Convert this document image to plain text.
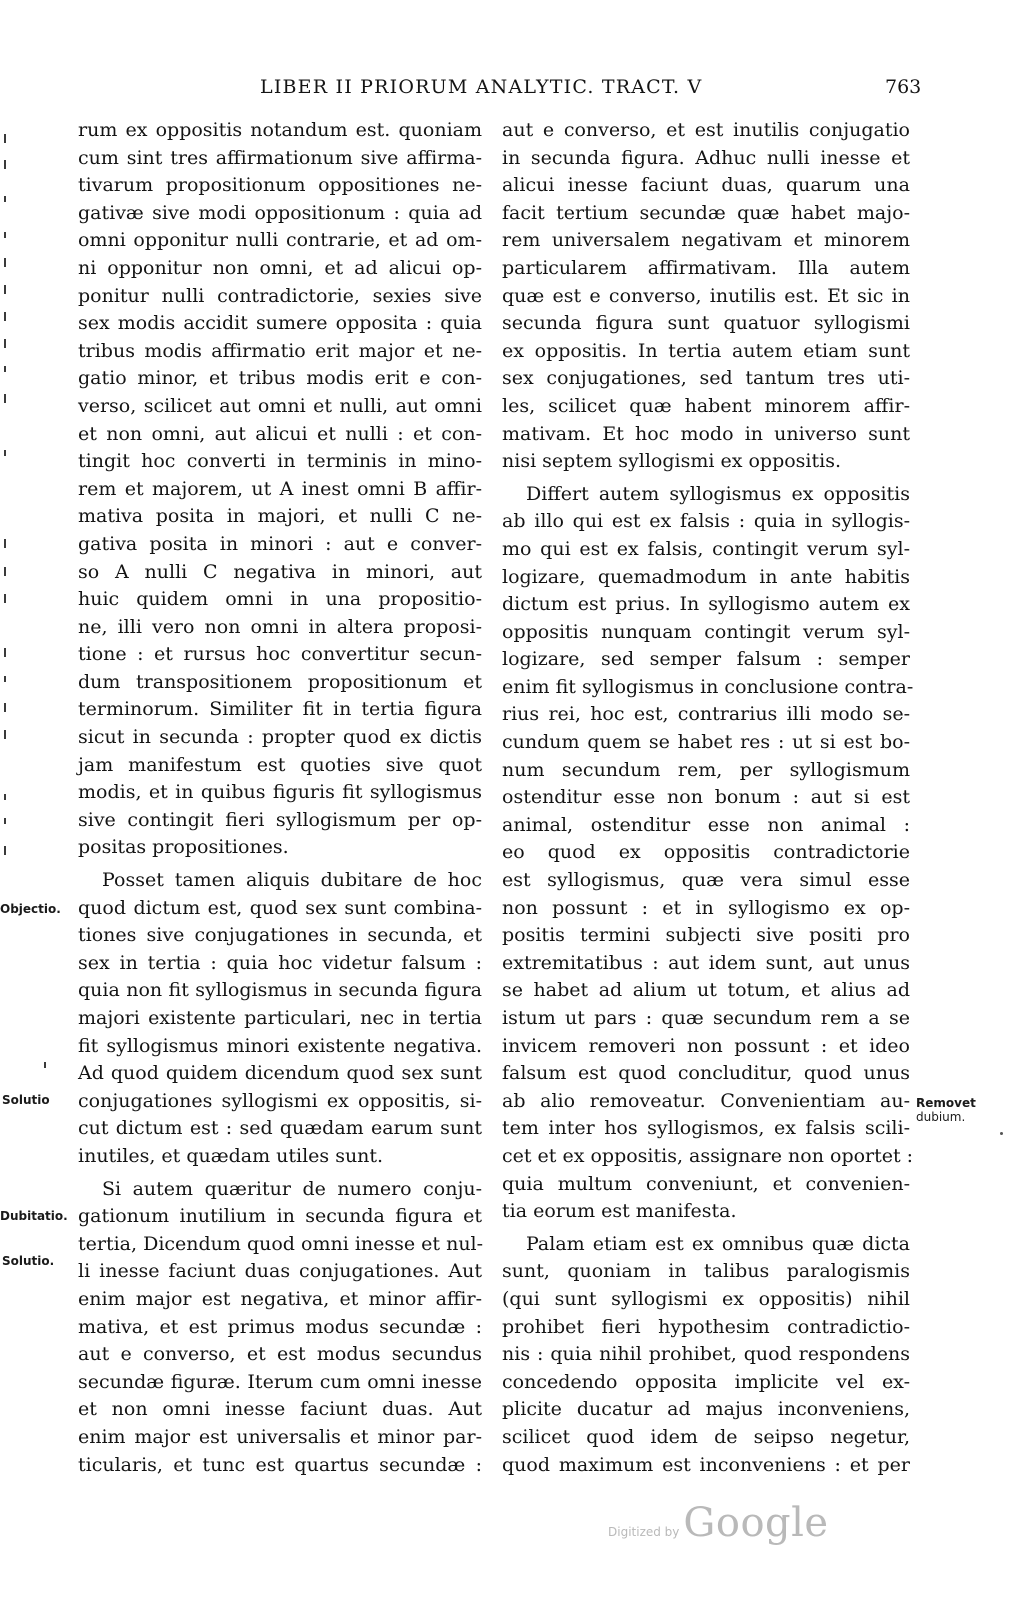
LIBER II PRIORUM ANALYTIC. TRACT. V	763
Objectio.
Solutio
Dubitatio.
Solutio.
Removet
dubium.
rum ex oppositis notandum est. quoniam
cum sint tres affirmationum sive affirma-
tivarum propositionum oppositiones ne-
gativæ sive modi oppositionum : quia ad
omni opponitur nulli contrarie, et ad om-
ni opponitur non omni, et ad alicui op-
ponitur nulli contradictorie, sexies sive
sex modis accidit sumere opposita : quia
tribus modis affirmatio erit major et ne-
gatio minor, et tribus modis erit e con-
verso, scilicet aut omni et nulli, aut omni
et non omni, aut alicui et nulli : et con-
tingit hoc converti in terminis in mino-
rem et majorem, ut A inest omni B affir-
mativa posita in majori, et nulli C ne-
gativa posita in minori : aut e conver-
so A nulli C negativa in minori, aut
huic quidem omni in una propositio-
ne, illi vero non omni in altera proposi-
tione : et rursus hoc convertitur secun-
dum transpositionem propositionum et
terminorum. Similiter fit in tertia figura
sicut in secunda : propter quod ex dictis
jam manifestum est quoties sive quot
modis, et in quibus figuris fit syllogismus
sive contingit fieri syllogismum per op-
positas propositiones.
Posset tamen aliquis dubitare de hoc
quod dictum est, quod sex sunt combina-
tiones sive conjugationes in secunda, et
sex in tertia : quia hoc videtur falsum :
quia non fit syllogismus in secunda figura
majori existente particulari, nec in tertia
fit syllogismus minori existente negativa.
Ad quod quidem dicendum quod sex sunt
conjugationes syllogismi ex oppositis, si-
cut dictum est : sed quædam earum sunt
inutiles, et quædam utiles sunt.
Si autem quæritur de numero conju-
gationum inutilium in secunda figura et
tertia, Dicendum quod omni inesse et nul-
li inesse faciunt duas conjugationes. Aut
enim major est negativa, et minor affir-
mativa, et est primus modus secundæ :
aut e converso, et est modus secundus
secundæ figuræ. Iterum cum omni inesse
et non omni inesse faciunt duas. Aut
enim major est universalis et minor par-
ticularis, et tunc est quartus secundæ :
aut e converso, et est inutilis conjugatio
in secunda figura. Adhuc nulli inesse et
alicui inesse faciunt duas, quarum una
facit tertium secundæ quæ habet majo-
rem universalem negativam et minorem
particularem affirmativam. Illa autem
quæ est e converso, inutilis est. Et sic in
secunda figura sunt quatuor syllogismi
ex oppositis. In tertia autem etiam sunt
sex conjugationes, sed tantum tres uti-
les, scilicet quæ habent minorem affir-
mativam. Et hoc modo in universo sunt
nisi septem syllogismi ex oppositis.
Differt autem syllogismus ex oppositis
ab illo qui est ex falsis : quia in syllogis-
mo qui est ex falsis, contingit verum syl-
logizare, quemadmodum in ante habitis
dictum est prius. In syllogismo autem ex
oppositis nunquam contingit verum syl-
logizare, sed semper falsum : semper
enim fit syllogismus in conclusione contra-
rius rei, hoc est, contrarius illi modo se-
cundum quem se habet res : ut si est bo-
num secundum rem, per syllogismum
ostenditur esse non bonum : aut si est
animal, ostenditur esse non animal :
eo quod ex oppositis contradictorie
est syllogismus, quæ vera simul esse
non possunt : et in syllogismo ex op-
positis termini subjecti sive positi pro
extremitatibus : aut idem sunt, aut unus
se habet ad alium ut totum, et alius ad
istum ut pars : quæ secundum rem a se
invicem removeri non possunt : et ideo
falsum est quod concluditur, quod unus
ab alio removeatur. Convenientiam au-
tem inter hos syllogismos, ex falsis scili-
cet et ex oppositis, assignare non oportet :
quia multum conveniunt, et convenien-
tia eorum est manifesta.
Palam etiam est ex omnibus quæ dicta
sunt, quoniam in talibus paralogismis
(qui sunt syllogismi ex oppositis) nihil
prohibet fieri hypothesim contradictio-
nis : quia nihil prohibet, quod respondens
concedendo opposita implicite vel ex-
plicite ducatur ad majus inconveniens,
scilicet quod idem de seipso negetur,
quod maximum est inconveniens : et per
Digitized by Google
